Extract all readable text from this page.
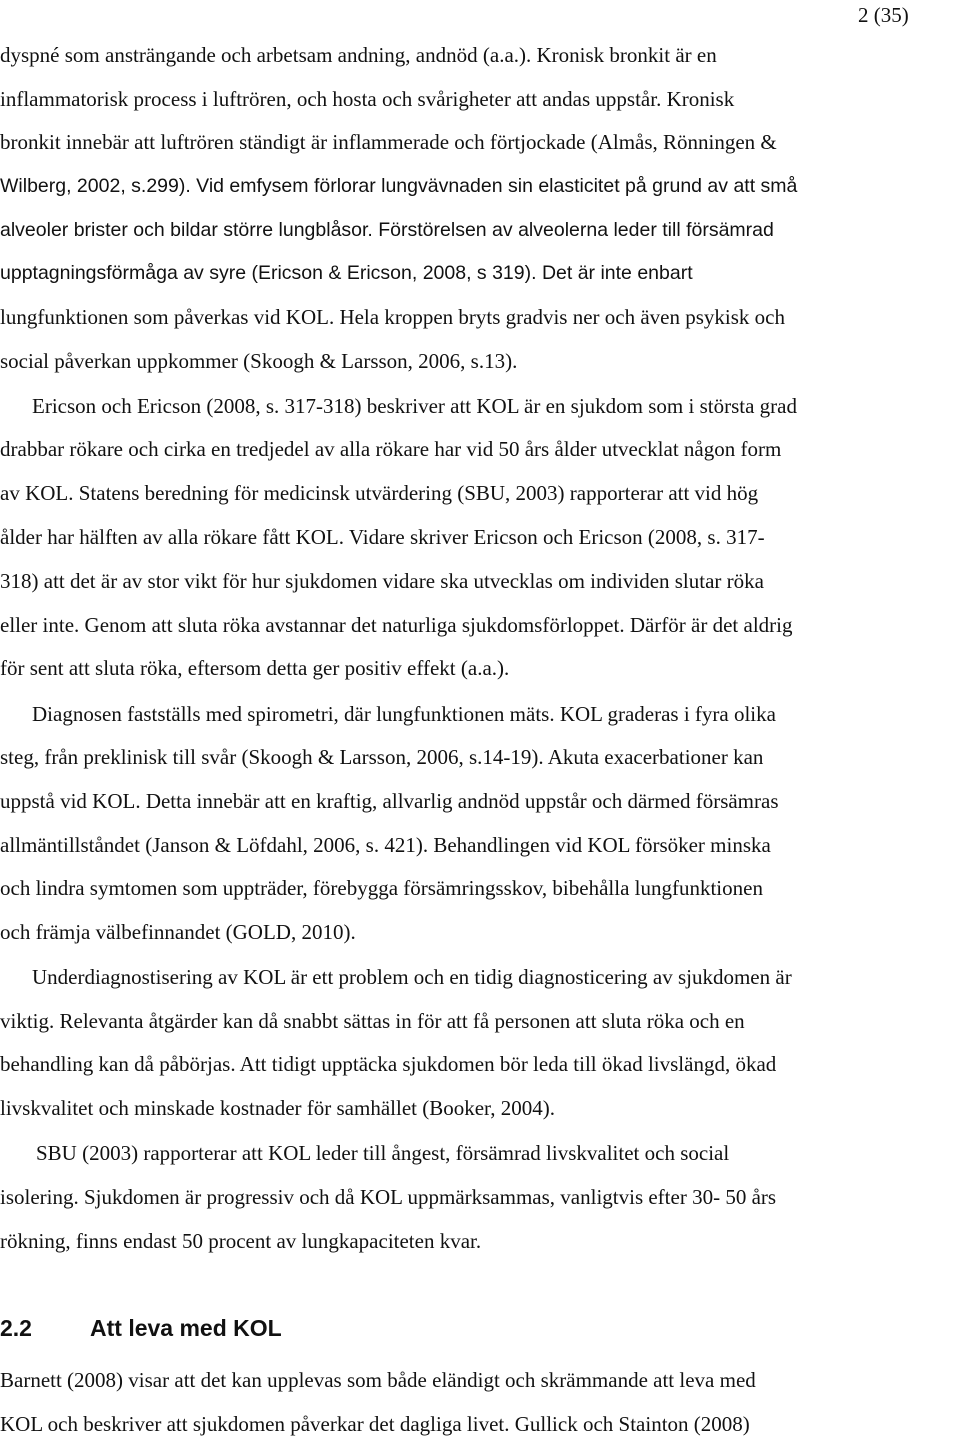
2 (35)
dyspné som ansträngande och arbetsam andning, andnöd (a.a.). Kronisk bronkit är en
inflammatorisk process i luftrören, och hosta och svårigheter att andas uppstår. Kronisk
bronkit innebär att luftrören ständigt är inflammerade och förtjockade (Almås, Rönningen &
Wilberg, 2002, s.299). Vid emfysem förlorar lungvävnaden sin elasticitet på grund av att små
alveoler brister och bildar större lungblåsor. Förstörelsen av alveolerna leder till försämrad
upptagningsförmåga av syre (Ericson & Ericson, 2008, s 319). Det är inte enbart
lungfunktionen som påverkas vid KOL. Hela kroppen bryts gradvis ner och även psykisk och
social påverkan uppkommer (Skoogh & Larsson, 2006, s.13).
Ericson och Ericson (2008, s. 317-318) beskriver att KOL är en sjukdom som i största grad
drabbar rökare och cirka en tredjedel av alla rökare har vid 50 års ålder utvecklat någon form
av KOL. Statens beredning för medicinsk utvärdering (SBU, 2003) rapporterar att vid hög
ålder har hälften av alla rökare fått KOL. Vidare skriver Ericson och Ericson (2008, s. 317-
318) att det är av stor vikt för hur sjukdomen vidare ska utvecklas om individen slutar röka
eller inte. Genom att sluta röka avstannar det naturliga sjukdomsförloppet. Därför är det aldrig
för sent att sluta röka, eftersom detta ger positiv effekt (a.a.).
Diagnosen fastställs med spirometri, där lungfunktionen mäts. KOL graderas i fyra olika
steg, från preklinisk till svår (Skoogh & Larsson, 2006, s.14-19). Akuta exacerbationer kan
uppstå vid KOL. Detta innebär att en kraftig, allvarlig andnöd uppstår och därmed försämras
allmäntillståndet (Janson & Löfdahl, 2006, s. 421). Behandlingen vid KOL försöker minska
och lindra symtomen som uppträder, förebygga försämringsskov, bibehålla lungfunktionen
och främja välbefinnandet (GOLD, 2010).
Underdiagnostisering av KOL är ett problem och en tidig diagnosticering av sjukdomen är
viktig. Relevanta åtgärder kan då snabbt sättas in för att få personen att sluta röka och en
behandling kan då påbörjas. Att tidigt upptäcka sjukdomen bör leda till ökad livslängd, ökad
livskvalitet och minskade kostnader för samhället (Booker, 2004).
SBU (2003) rapporterar att KOL leder till ångest, försämrad livskvalitet och social
isolering. Sjukdomen är progressiv och då KOL uppmärksammas, vanligtvis efter 30- 50 års
rökning, finns endast 50 procent av lungkapaciteten kvar.
2.2	Att leva med KOL
Barnett (2008) visar att det kan upplevas som både eländigt och skrämmande att leva med
KOL och beskriver att sjukdomen påverkar det dagliga livet. Gullick och Stainton (2008)
